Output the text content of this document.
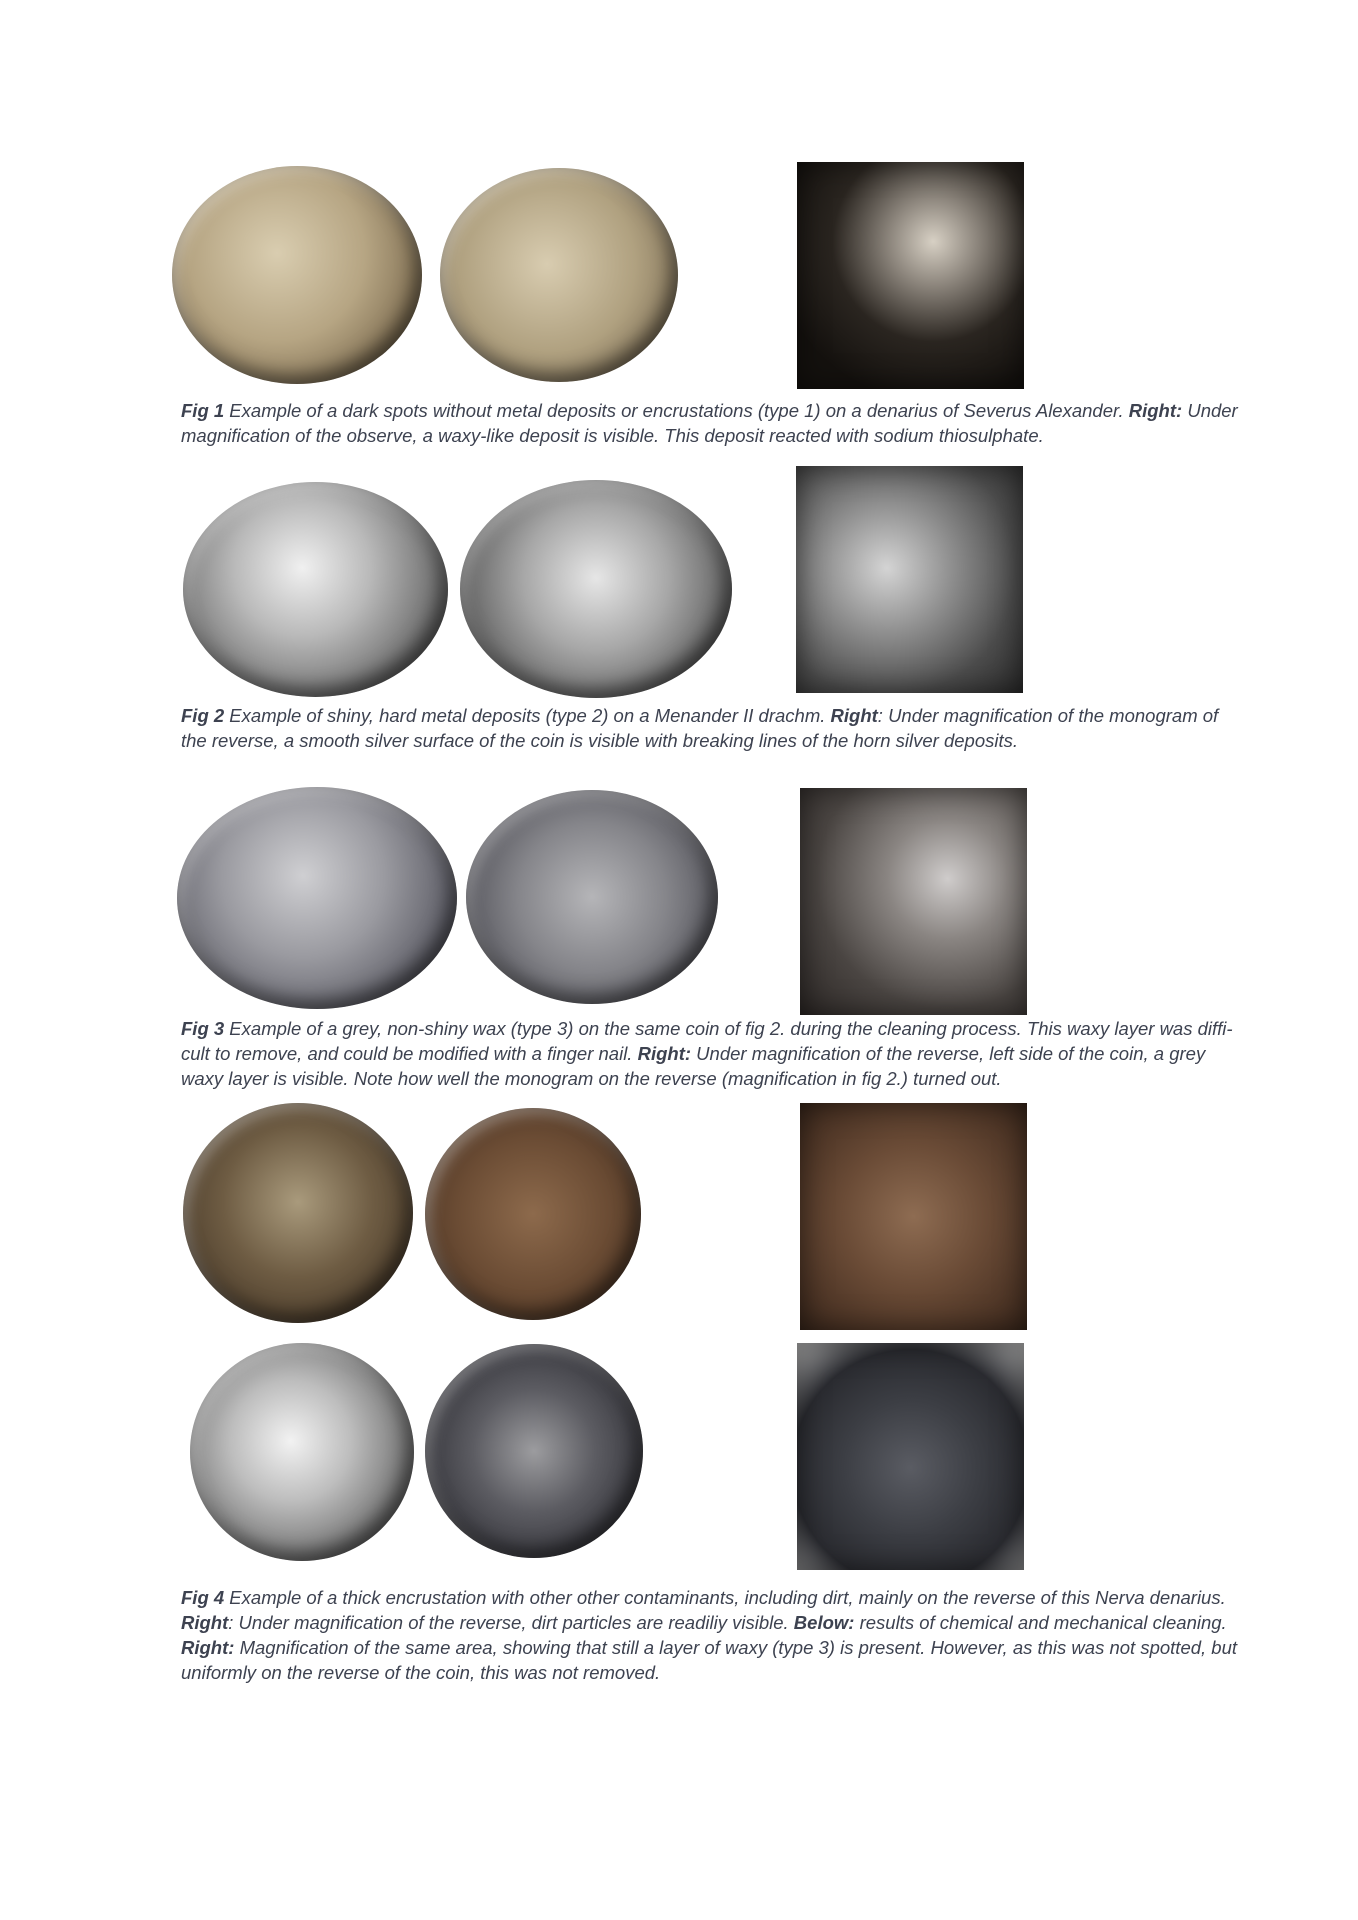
Fig 1 Example of a dark spots without metal deposits or encrustations (type 1) on a denarius of Severus Alexander. Right: Under magnification of the observe, a waxy-like deposit is visible. This deposit reacted with sodium thiosulphate.
Fig 2 Example of shiny, hard metal deposits (type 2) on a Menander II drachm. Right: Under magnification of the monogram of the reverse, a smooth silver surface of the coin is visible with breaking lines of the horn silver deposits.
Fig 3 Example of a grey, non-shiny wax (type 3) on the same coin of fig 2. during the cleaning process. This waxy layer was diffi-cult to remove, and could be modified with a finger nail. Right: Under magnification of the reverse, left side of the coin, a grey waxy layer is visible. Note how well the monogram on the reverse (magnification in fig 2.) turned out.
Fig 4 Example of a thick encrustation with other other contaminants, including dirt, mainly on the reverse of this Nerva denarius. Right: Under magnification of the reverse, dirt particles are readiliy visible. Below: results of chemical and mechanical cleaning. Right: Magnification of the same area, showing that still a layer of waxy (type 3) is present. However, as this was not spotted, but uniformly on the reverse of the coin, this was not removed.
